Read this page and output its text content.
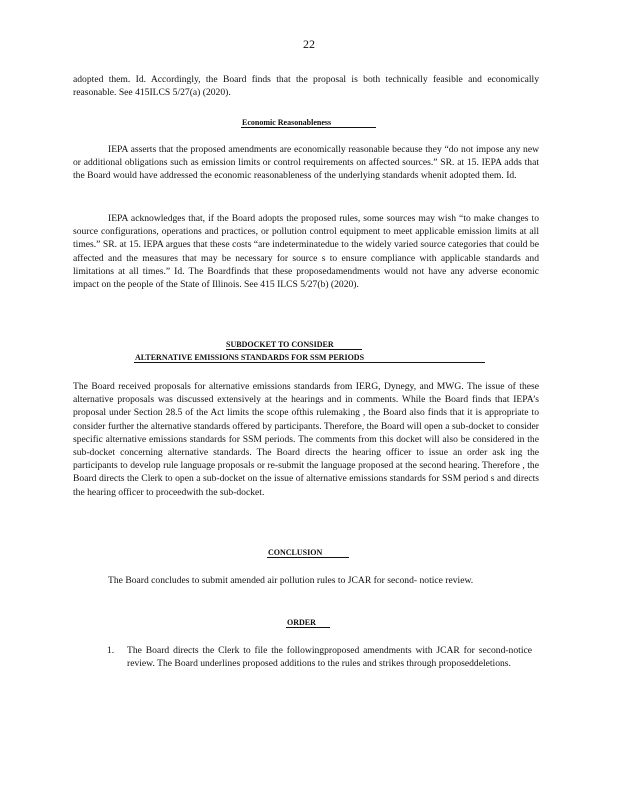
22

adopted them. Id. Accordingly, the Board finds that the proposal is both technically feasible and economically reasonable. See 415ILCS 5/27(a) (2020).

Economic Reasonableness

IEPA asserts that the proposed amendments are economically reasonable because they “do not impose any new or additional obligations such as emission limits or control requirements on affected sources.” SR. at 15. IEPA adds that the Board would have addressed the economic reasonableness of the underlying standards whenit adopted them. Id.

IEPA acknowledges that, if the Board adopts the proposed rules, some sources may wish “to make changes to source configurations, operations and practices, or pollution control equipment to meet applicable emission limits at all times.” SR. at 15. IEPA argues that these costs “are indeterminatedue to the widely varied source categories that could be affected and the measures that may be necessary for source s to ensure compliance with applicable standards and limitations at all times.” Id. The Boardfinds that these proposedamendments would not have any adverse economic impact on the people of the State of Illinois. See 415 ILCS 5/27(b) (2020).

SUBDOCKET TO CONSIDER
ALTERNATIVE EMISSIONS STANDARDS FOR SSM PERIODS

The Board received proposals for alternative emissions standards from IERG, Dynegy, and MWG. The issue of these alternative proposals was discussed extensively at the hearings and in comments. While the Board finds that IEPA’s proposal under Section 28.5 of the Act limits the scope ofthis rulemaking , the Board also finds that it is appropriate to consider further the alternative standards offered by participants. Therefore, the Board will open a sub-docket to consider specific alternative emissions standards for SSM periods. The comments from this docket will also be considered in the sub-docket concerning alternative standards. The Board directs the hearing officer to issue an order ask ing the participants to develop rule language proposals or re-submit the language proposed at the second hearing. Therefore , the Board directs the Clerk to open a sub-docket on the issue of alternative emissions standards for SSM period s and directs the hearing officer to proceedwith the sub-docket.

CONCLUSION

The Board concludes to submit amended air pollution rules to JCAR for second- notice review.

ORDER
1. The Board directs the Clerk to file the followingproposed amendments with JCAR for second-notice review. The Board underlines proposed additions to the rules and strikes through proposeddeletions.
